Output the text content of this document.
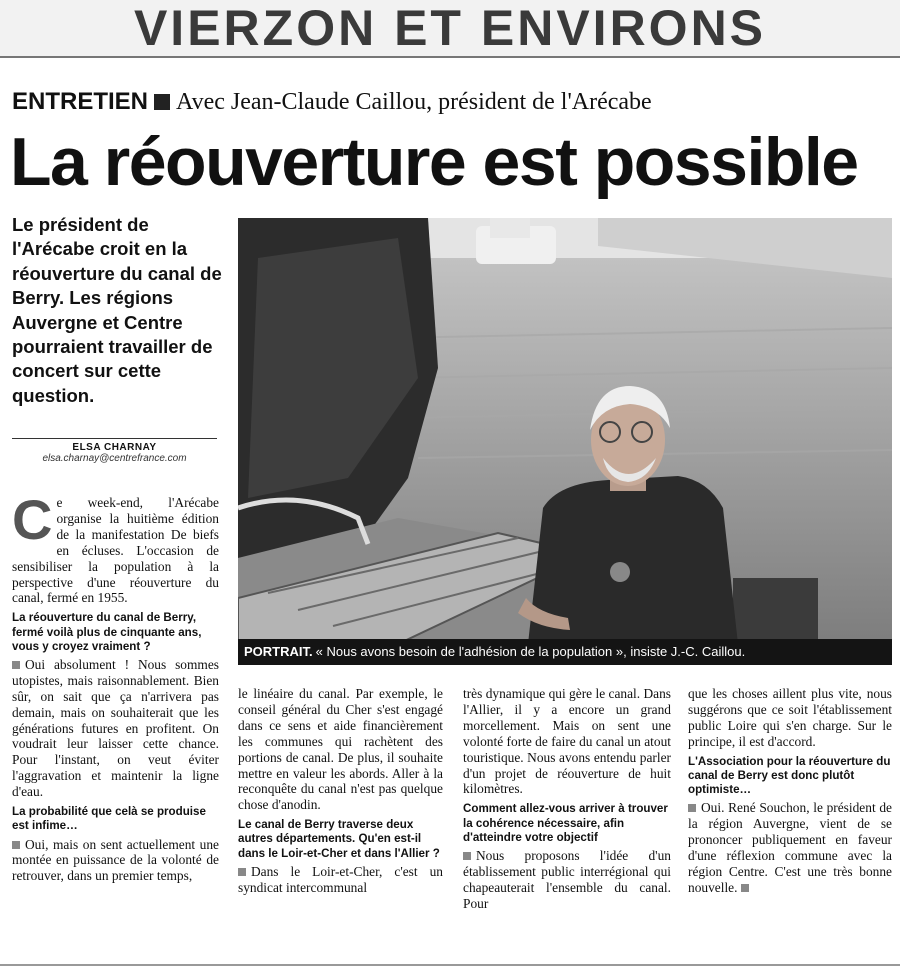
VIERZON ET ENVIRONS
ENTRETIEN Avec Jean-Claude Caillou, président de l'Arécabe
La réouverture est possible
Le président de l'Arécabe croit en la réouverture du canal de Berry. Les régions Auvergne et Centre pourraient travailler de concert sur cette question.
ELSA CHARNAY
elsa.charnay@centrefrance.com
PORTRAIT. « Nous avons besoin de l'adhésion de la population », insiste J.-C. Caillou.

Ce week-end, l'Arécabe organise la huitième édition de la manifestation De biefs en écluses. L'occasion de sensibiliser la population à la perspective d'une réouverture du canal, fermé en 1955.

La réouverture du canal de Berry, fermé voilà plus de cinquante ans, vous y croyez vraiment ?

Oui absolument ! Nous sommes utopistes, mais raisonnablement. Bien sûr, on sait que ça n'arrivera pas demain, mais on souhaiterait que les générations futures en profitent. On voudrait leur laisser cette chance. Pour l'instant, on veut éviter l'aggravation et maintenir la ligne d'eau.

La probabilité que celà se produise est infime…

Oui, mais on sent actuellement une montée en puissance de la volonté de retrouver, dans un premier temps,

le linéaire du canal. Par exemple, le conseil général du Cher s'est engagé dans ce sens et aide financièrement les communes qui rachètent des portions de canal. De plus, il souhaite mettre en valeur les abords. Aller à la reconquête du canal n'est pas quelque chose d'anodin.

Le canal de Berry traverse deux autres départements. Qu'en est-il dans le Loir-et-Cher et dans l'Allier ?

Dans le Loir-et-Cher, c'est un syndicat intercommunal

très dynamique qui gère le canal. Dans l'Allier, il y a encore un grand morcellement. Mais on sent une volonté forte de faire du canal un atout touristique. Nous avons entendu parler d'un projet de réouverture de huit kilomètres.

Comment allez-vous arriver à trouver la cohérence nécessaire, afin d'atteindre votre objectif

Nous proposons l'idée d'un établissement public interrégional qui chapeauterait l'ensemble du canal. Pour

que les choses aillent plus vite, nous suggérons que ce soit l'établissement public Loire qui s'en charge. Sur le principe, il est d'accord.

L'Association pour la réouverture du canal de Berry est donc plutôt optimiste…

Oui. René Souchon, le président de la région Auvergne, vient de se prononcer publiquement en faveur d'une réflexion commune avec la région Centre. C'est une très bonne nouvelle.
